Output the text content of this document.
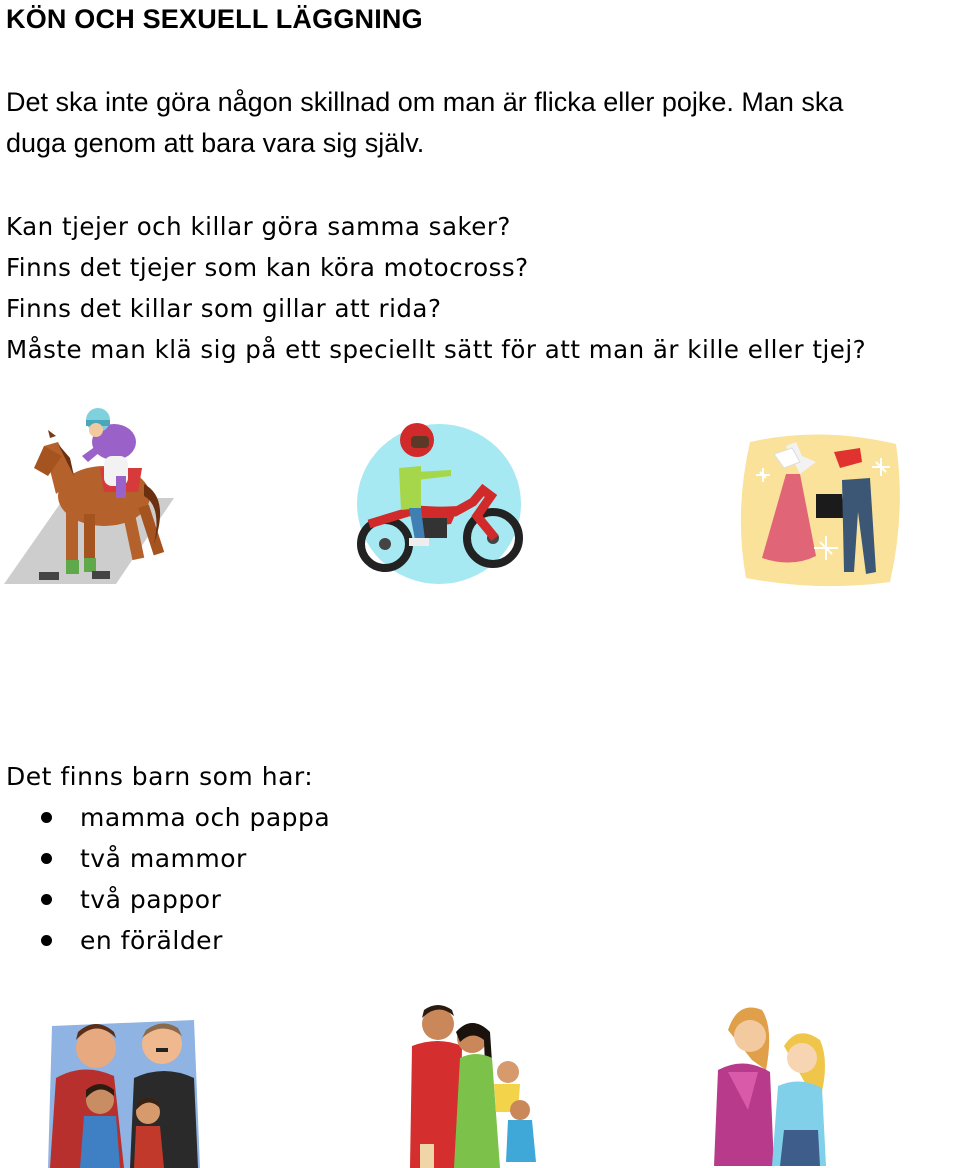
KÖN OCH SEXUELL LÄGGNING
Det ska inte göra någon skillnad om man är flicka eller pojke. Man ska
duga genom att bara vara sig själv.
Kan tjejer och killar göra samma saker?
Finns det tjejer som kan köra motocross?
Finns det killar som gillar att rida?
Måste man klä sig på ett speciellt sätt för att man är kille eller tjej?
Det finns barn som har:
mamma och pappa
två mammor
två pappor
en förälder
